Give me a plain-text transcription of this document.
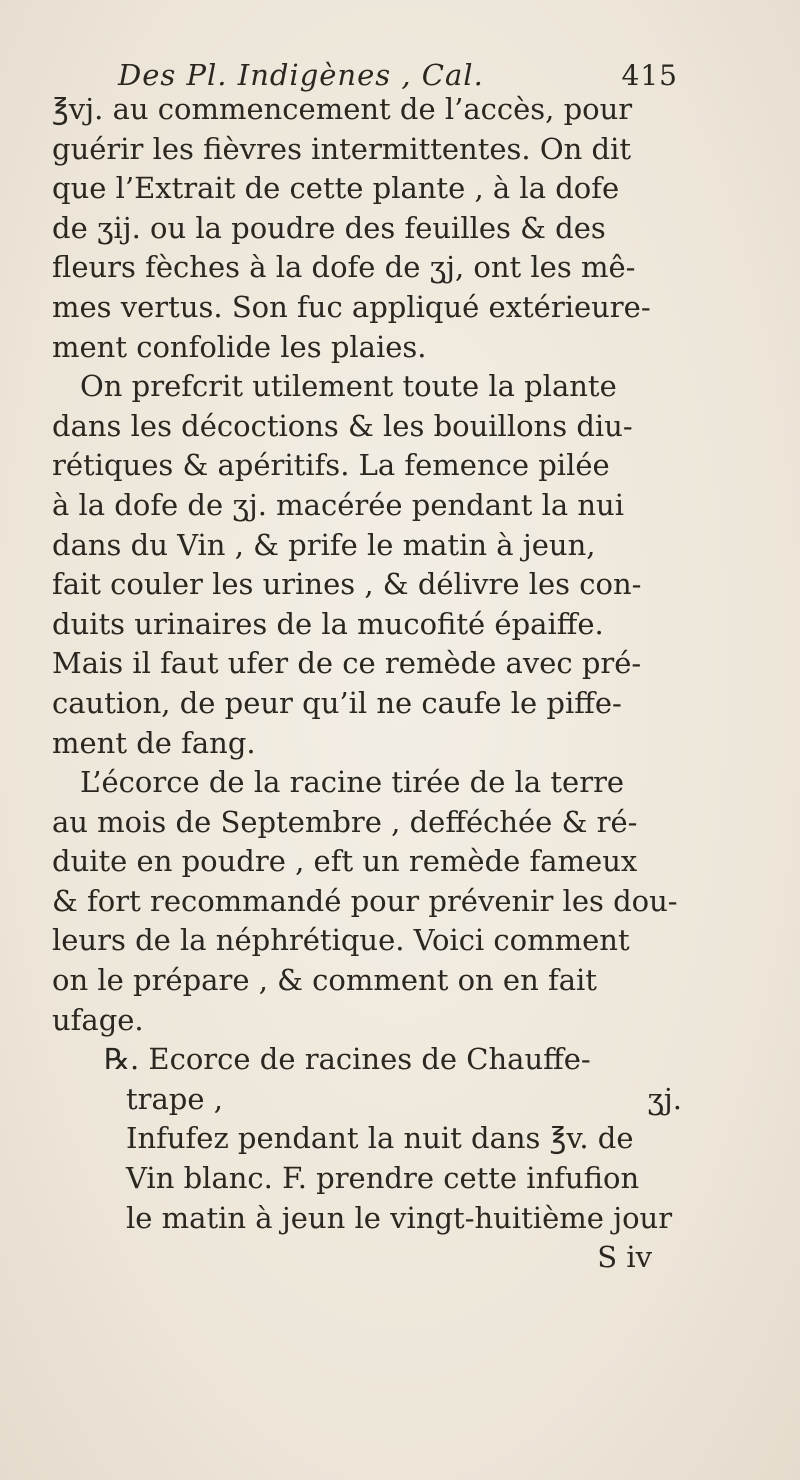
Des Pl. Indigènes , Cal.	415
℥vj. au commencement de l’accès, pour
guérir les fièvres intermittentes. On dit
que l’Extrait de cette plante , à la dofe
de ʒij. ou la poudre des feuilles & des
fleurs fèches à la dofe de ʒj, ont les mê-
mes vertus. Son fuc appliqué extérieure-
ment confolide les plaies.
On prefcrit utilement toute la plante
dans les décoctions & les bouillons diu-
rétiques & apéritifs. La femence pilée
à la dofe de ʒj. macérée pendant la nui
dans du Vin , & prife le matin à jeun,
fait couler les urines , & délivre les con-
duits urinaires de la mucofité épaiffe.
Mais il faut ufer de ce remède avec pré-
caution, de peur qu’il ne caufe le piffe-
ment de fang.
L’écorce de la racine tirée de la terre
au mois de Septembre , defféchée & ré-
duite en poudre , eft un remède fameux
& fort recommandé pour prévenir les dou-
leurs de la néphrétique. Voici comment
on le prépare , & comment on en fait
ufage.
℞. Ecorce de racines de Chauffe-
trape ,	ʒj.
Infufez pendant la nuit dans ℥v. de
Vin blanc. F. prendre cette infufion
le matin à jeun le vingt-huitième jour
S iv
